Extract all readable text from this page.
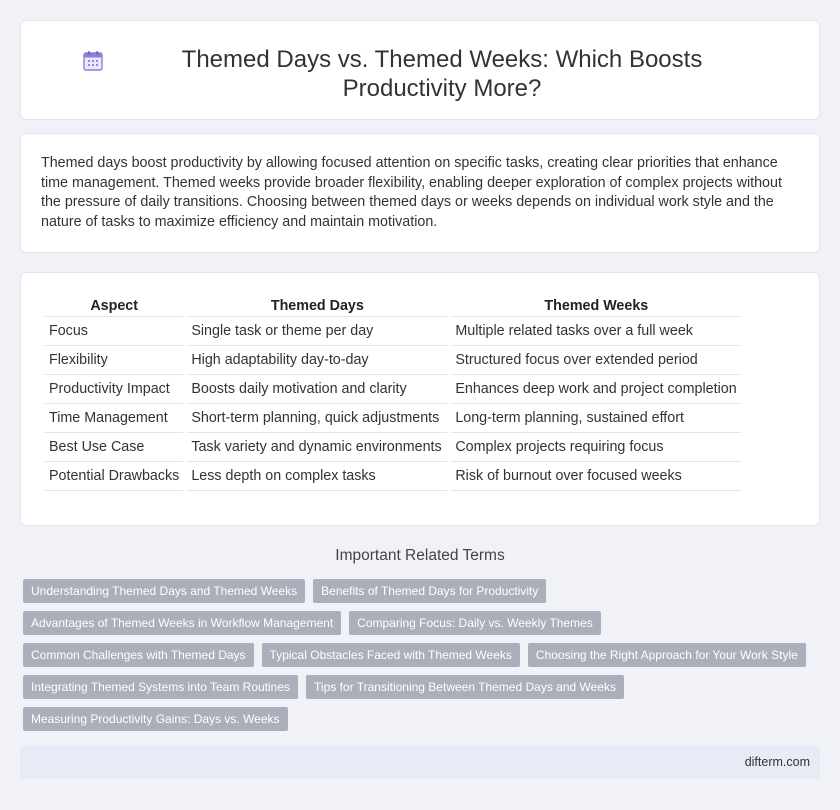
Themed Days vs. Themed Weeks: Which Boosts Productivity More?

Themed days boost productivity by allowing focused attention on specific tasks, creating clear priorities that enhance time management. Themed weeks provide broader flexibility, enabling deeper exploration of complex projects without the pressure of daily transitions. Choosing between themed days or weeks depends on individual work style and the nature of tasks to maximize efficiency and maintain motivation.

Aspect	Themed Days	Themed Weeks
Focus	Single task or theme per day	Multiple related tasks over a full week
Flexibility	High adaptability day-to-day	Structured focus over extended period
Productivity Impact	Boosts daily motivation and clarity	Enhances deep work and project completion
Time Management	Short-term planning, quick adjustments	Long-term planning, sustained effort
Best Use Case	Task variety and dynamic environments	Complex projects requiring focus
Potential Drawbacks	Less depth on complex tasks	Risk of burnout over focused weeks
Important Related Terms
Understanding Themed Days and Themed Weeks	Benefits of Themed Days for Productivity
Advantages of Themed Weeks in Workflow Management	Comparing Focus: Daily vs. Weekly Themes
Common Challenges with Themed Days	Typical Obstacles Faced with Themed Weeks	Choosing the Right Approach for Your Work Style
Integrating Themed Systems into Team Routines	Tips for Transitioning Between Themed Days and Weeks
Measuring Productivity Gains: Days vs. Weeks
difterm.com
